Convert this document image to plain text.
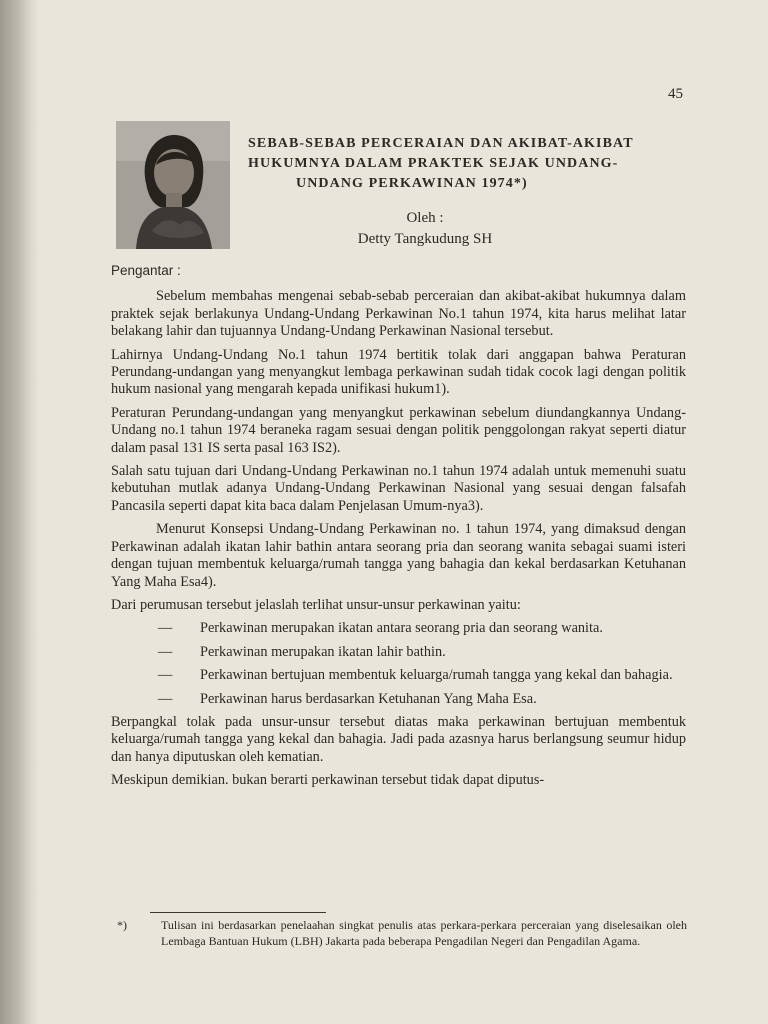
45
SEBAB-SEBAB PERCERAIAN DAN AKIBAT-AKIBAT
HUKUMNYA DALAM PRAKTEK SEJAK UNDANG-

UNDANG PERKAWINAN 1974*)
Oleh :
Detty Tangkudung SH
Pengantar :

Sebelum membahas mengenai sebab-sebab perceraian dan akibat-akibat hukumnya dalam praktek sejak berlakunya Undang-Undang Perkawinan No.1 tahun 1974, kita harus melihat latar belakang lahir dan tujuannya Undang-Undang Perkawinan Nasional tersebut.

Lahirnya Undang-Undang No.1 tahun 1974 bertitik tolak dari anggapan bahwa Peraturan Perundang-undangan yang menyangkut lembaga perkawinan sudah tidak cocok lagi dengan politik hukum nasional yang mengarah kepada unifikasi hukum1).

Peraturan Perundang-undangan yang menyangkut perkawinan sebelum diundangkannya Undang-Undang no.1 tahun 1974 beraneka ragam sesuai dengan politik penggolongan rakyat seperti diatur dalam pasal 131 IS serta pasal 163 IS2).

Salah satu tujuan dari Undang-Undang Perkawinan no.1 tahun 1974 adalah untuk memenuhi suatu kebutuhan mutlak adanya Undang-Undang Perkawinan Nasional yang sesuai dengan falsafah Pancasila seperti dapat kita baca dalam Penjelasan Umum-nya3).

Menurut Konsepsi Undang-Undang Perkawinan no. 1 tahun 1974, yang dimaksud dengan Perkawinan adalah ikatan lahir bathin antara seorang pria dan seorang wanita sebagai suami isteri dengan tujuan membentuk keluarga/rumah tangga yang bahagia dan kekal berdasarkan Ketuhanan Yang Maha Esa4).

Dari perumusan tersebut jelaslah terlihat unsur-unsur perkawinan yaitu:

— Perkawinan merupakan ikatan antara seorang pria dan seorang wanita.
— Perkawinan merupakan ikatan lahir bathin.
— Perkawinan bertujuan membentuk keluarga/rumah tangga yang kekal dan bahagia.
— Perkawinan harus berdasarkan Ketuhanan Yang Maha Esa.

Berpangkal tolak pada unsur-unsur tersebut diatas maka perkawinan bertujuan membentuk keluarga/rumah tangga yang kekal dan bahagia. Jadi pada azasnya harus berlangsung seumur hidup dan hanya diputuskan oleh kematian.

Meskipun demikian. bukan berarti perkawinan tersebut tidak dapat diputus-

*)	Tulisan ini berdasarkan penelaahan singkat penulis atas perkara-perkara perceraian yang diselesaikan oleh Lembaga Bantuan Hukum (LBH) Jakarta pada beberapa Pengadilan Negeri dan Pengadilan Agama.
